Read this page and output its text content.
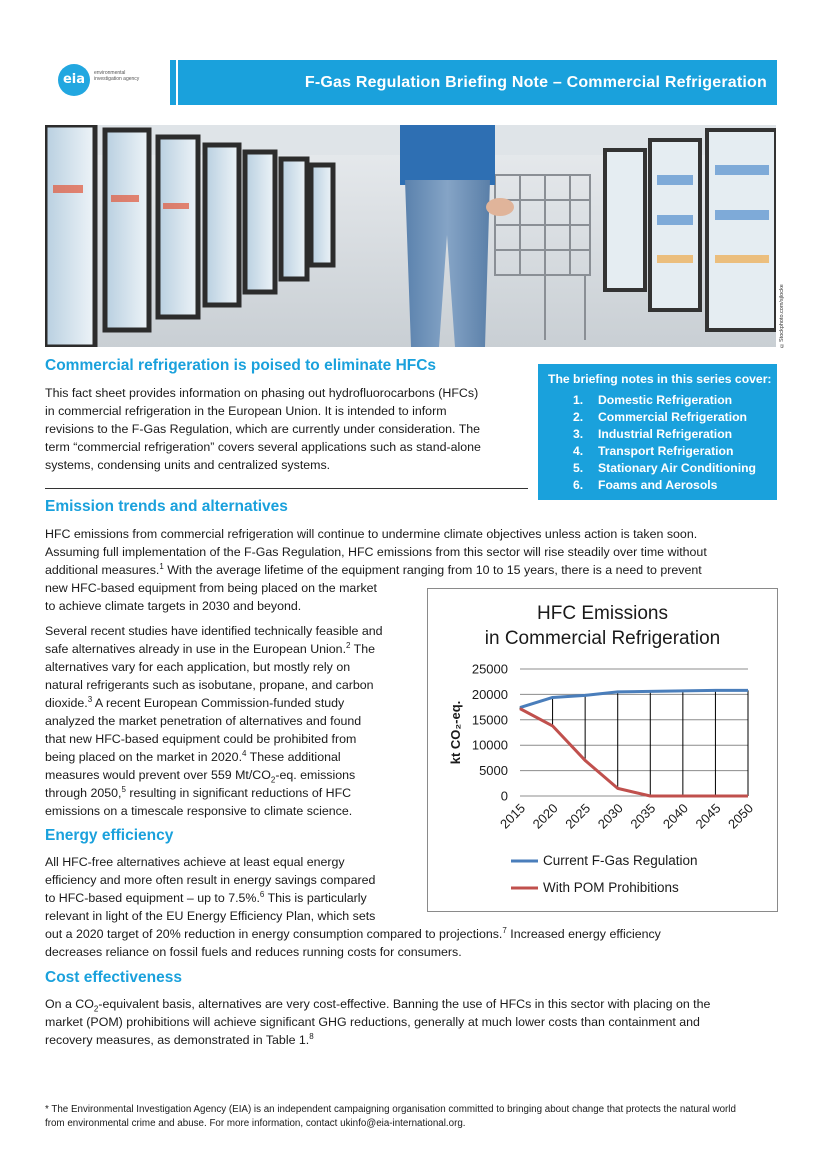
eia	environmental investigation agency	F-Gas Regulation Briefing Note – Commercial Refrigeration
©Stockphoto.com/sjlocke
Commercial refrigeration is poised to eliminate HFCs
This fact sheet provides information on phasing out hydrofluorocarbons (HFCs)
in commercial refrigeration in the European Union. It is intended to inform
revisions to the F-Gas Regulation, which are currently under consideration. The
term “commercial refrigeration” covers several applications such as stand-alone
systems, condensing units and centralized systems.
The briefing notes in this series cover:
1. Domestic Refrigeration
2. Commercial Refrigeration
3. Industrial Refrigeration
4. Transport Refrigeration
5. Stationary Air Conditioning
6. Foams and Aerosols
Emission trends and alternatives
HFC emissions from commercial refrigeration will continue to undermine climate objectives unless action is taken soon.
Assuming full implementation of the F-Gas Regulation, HFC emissions from this sector will rise steadily over time without
additional measures.$^1$ With the average lifetime of the equipment ranging from 10 to 15 years, there is a need to prevent
new HFC-based equipment from being placed on the market
to achieve climate targets in 2030 and beyond.
Several recent studies have identified technically feasible and
safe alternatives already in use in the European Union.$^2$ The
alternatives vary for each application, but mostly rely on
natural refrigerants such as isobutane, propane, and carbon
dioxide.$^3$ A recent European Commission-funded study
analyzed the market penetration of alternatives and found
that new HFC-based equipment could be prohibited from
being placed on the market in 2020.$^4$ These additional
measures would prevent over 559 $Mt/CO_2-eq$. emissions
through 2050,$^5$ resulting in significant reductions of HFC
emissions on a timescale responsive to climate science.
Energy efficiency
All HFC-free alternatives achieve at least equal energy
efficiency and more often result in energy savings compared
to HFC-based equipment – up to 7.5%.$^6$ This is particularly
relevant in light of the EU Energy Efficiency Plan, which sets
out a 2020 target of 20% reduction in energy consumption compared to projections.$^7$ Increased energy efficiency
decreases reliance on fossil fuels and reduces running costs for consumers.
Cost effectiveness
On a $CO_2$-equivalent basis, alternatives are very cost-effective. Banning the use of HFCs in this sector with placing on the
market (POM) prohibitions will achieve significant GHG reductions, generally at much lower costs than containment and
recovery measures, as demonstrated in Table 1.$^8$
HFC Emissions
in Commercial Refrigeration
0
5000
10000
15000
20000
25000
2015 2020 2025 2030 2035 2040 2045 2050
kt CO₂-eq.
Current F-Gas Regulation
With POM Prohibitions
* The Environmental Investigation Agency (EIA) is an independent campaigning organisation committed to bringing about change that protects the natural world
from environmental crime and abuse. For more information, contact ukinfo@eia-international.org.
